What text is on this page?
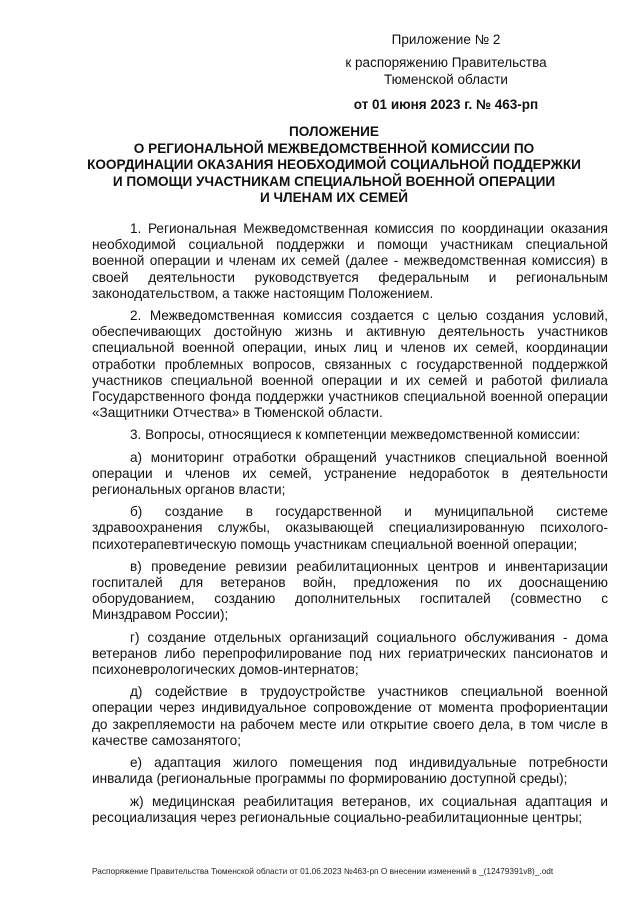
Приложение № 2
к распоряжению Правительства
Тюменской области
от 01 июня 2023 г. № 463-рп
ПОЛОЖЕНИЕ
О РЕГИОНАЛЬНОЙ МЕЖВЕДОМСТВЕННОЙ КОМИССИИ ПО
КООРДИНАЦИИ ОКАЗАНИЯ НЕОБХОДИМОЙ СОЦИАЛЬНОЙ ПОДДЕРЖКИ
И ПОМОЩИ УЧАСТНИКАМ СПЕЦИАЛЬНОЙ ВОЕННОЙ ОПЕРАЦИИ
И ЧЛЕНАМ ИХ СЕМЕЙ

1. Региональная Межведомственная комиссия по координации оказания необходимой социальной поддержки и помощи участникам специальной военной операции и членам их семей (далее - межведомственная комиссия) в своей деятельности руководствуется федеральным и региональным законодательством, а также настоящим Положением.

2. Межведомственная комиссия создается с целью создания условий, обеспечивающих достойную жизнь и активную деятельность участников специальной военной операции, иных лиц и членов их семей, координации отработки проблемных вопросов, связанных с государственной поддержкой участников специальной военной операции и их семей и работой филиала Государственного фонда поддержки участников специальной военной операции «Защитники Отчества» в Тюменской области.

3. Вопросы, относящиеся к компетенции межведомственной комиссии:

а) мониторинг отработки обращений участников специальной военной операции и членов их семей, устранение недоработок в деятельности региональных органов власти;

б) создание в государственной и муниципальной системе здравоохранения службы, оказывающей специализированную психолого-психотерапевтическую помощь участникам специальной военной операции;

в) проведение ревизии реабилитационных центров и инвентаризации госпиталей для ветеранов войн, предложения по их дооснащению оборудованием, созданию дополнительных госпиталей (совместно с Минздравом России);

г) создание отдельных организаций социального обслуживания - дома ветеранов либо перепрофилирование под них гериатрических пансионатов и психоневрологических домов-интернатов;

д) содействие в трудоустройстве участников специальной военной операции через индивидуальное сопровождение от момента профориентации до закрепляемости на рабочем месте или открытие своего дела, в том числе в качестве самозанятого;

е) адаптация жилого помещения под индивидуальные потребности инвалида (региональные программы по формированию доступной среды);

ж) медицинская реабилитация ветеранов, их социальная адаптация и ресоциализация через региональные социально-реабилитационные центры;

Распоряжение Правительства Тюменской области от 01.06.2023 №463-рп О внесении изменений в _(12479391v8)_.odt
